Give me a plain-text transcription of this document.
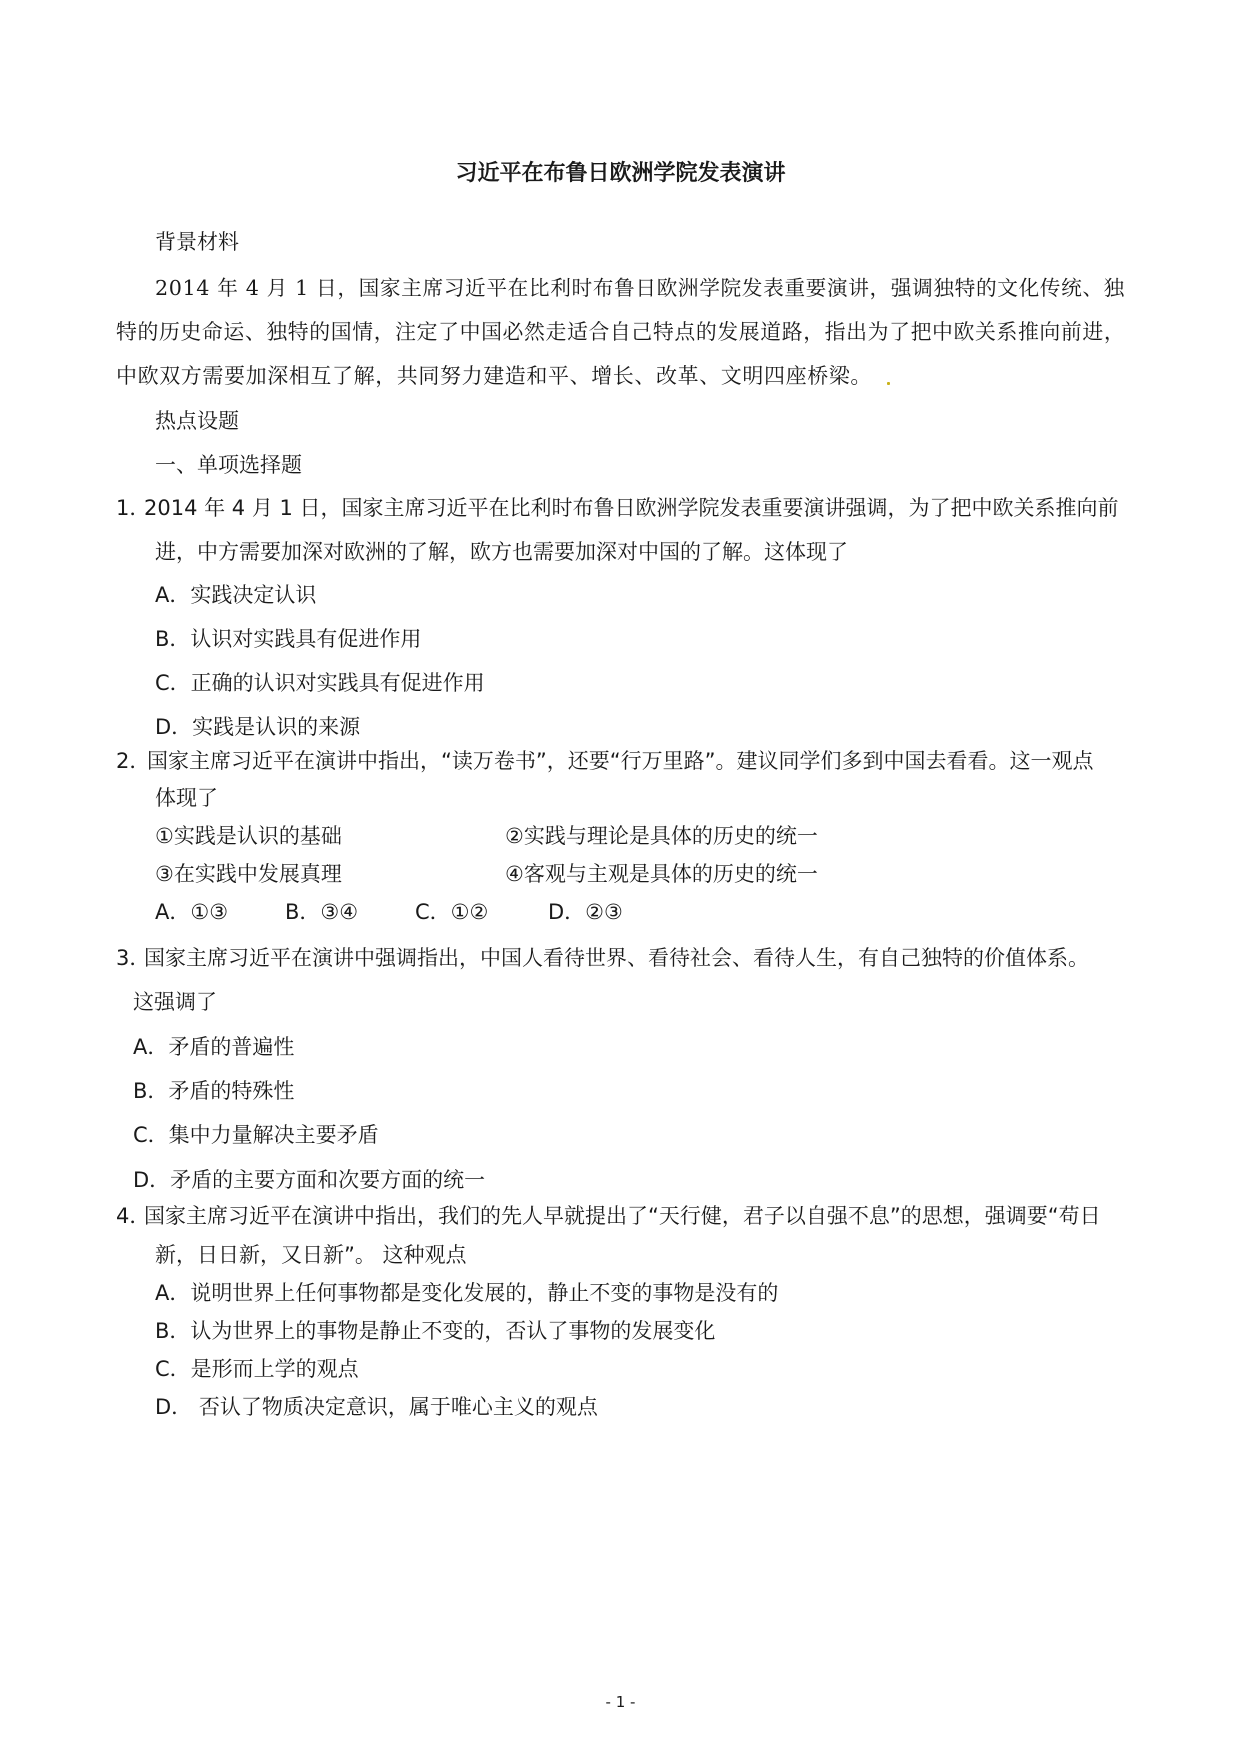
习近平在布鲁日欧洲学院发表演讲

背景材料

2014 年 4 月 1 日，国家主席习近平在比利时布鲁日欧洲学院发表重要演讲，强调独特的文化传统、独

特的历史命运、独特的国情，注定了中国必然走适合自己特点的发展道路，指出为了把中欧关系推向前进，

中欧双方需要加深相互了解，共同努力建造和平、增长、改革、文明四座桥梁。

热点设题

一、单项选择题

1．

2014 年 4 月 1 日，国家主席习近平在比利时布鲁日欧洲学院发表重要演讲强调，为了把中欧关系推向前

进，中方需要加深对欧洲的了解，欧方也需要加深对中国的了解。这体现了

A．实践决定认识

B．认识对实践具有促进作用

C．正确的认识对实践具有促进作用

D．实践是认识的来源

2．

国家主席习近平在演讲中指出，“读万卷书”，还要“行万里路”。建议同学们多到中国去看看。这一观点

体现了

①实践是认识的基础	②实践与理论是具体的历史的统一

③在实践中发展真理	④客观与主观是具体的历史的统一

A．①③	B．③④	C．①②	D．②③

3．

国家主席习近平在演讲中强调指出，中国人看待世界、看待社会、看待人生，有自己独特的价值体系。

这强调了

A．矛盾的普遍性

B．矛盾的特殊性

C．集中力量解决主要矛盾

D．矛盾的主要方面和次要方面的统一

4．

国家主席习近平在演讲中指出，我们的先人早就提出了“天行健，君子以自强不息”的思想，强调要“苟日

新，日日新，又日新”。 这种观点

A．说明世界上任何事物都是变化发展的，静止不变的事物是没有的

B．认为世界上的事物是静止不变的，否认了事物的发展变化

C．是形而上学的观点

D． 否认了物质决定意识，属于唯心主义的观点

- 1 -
